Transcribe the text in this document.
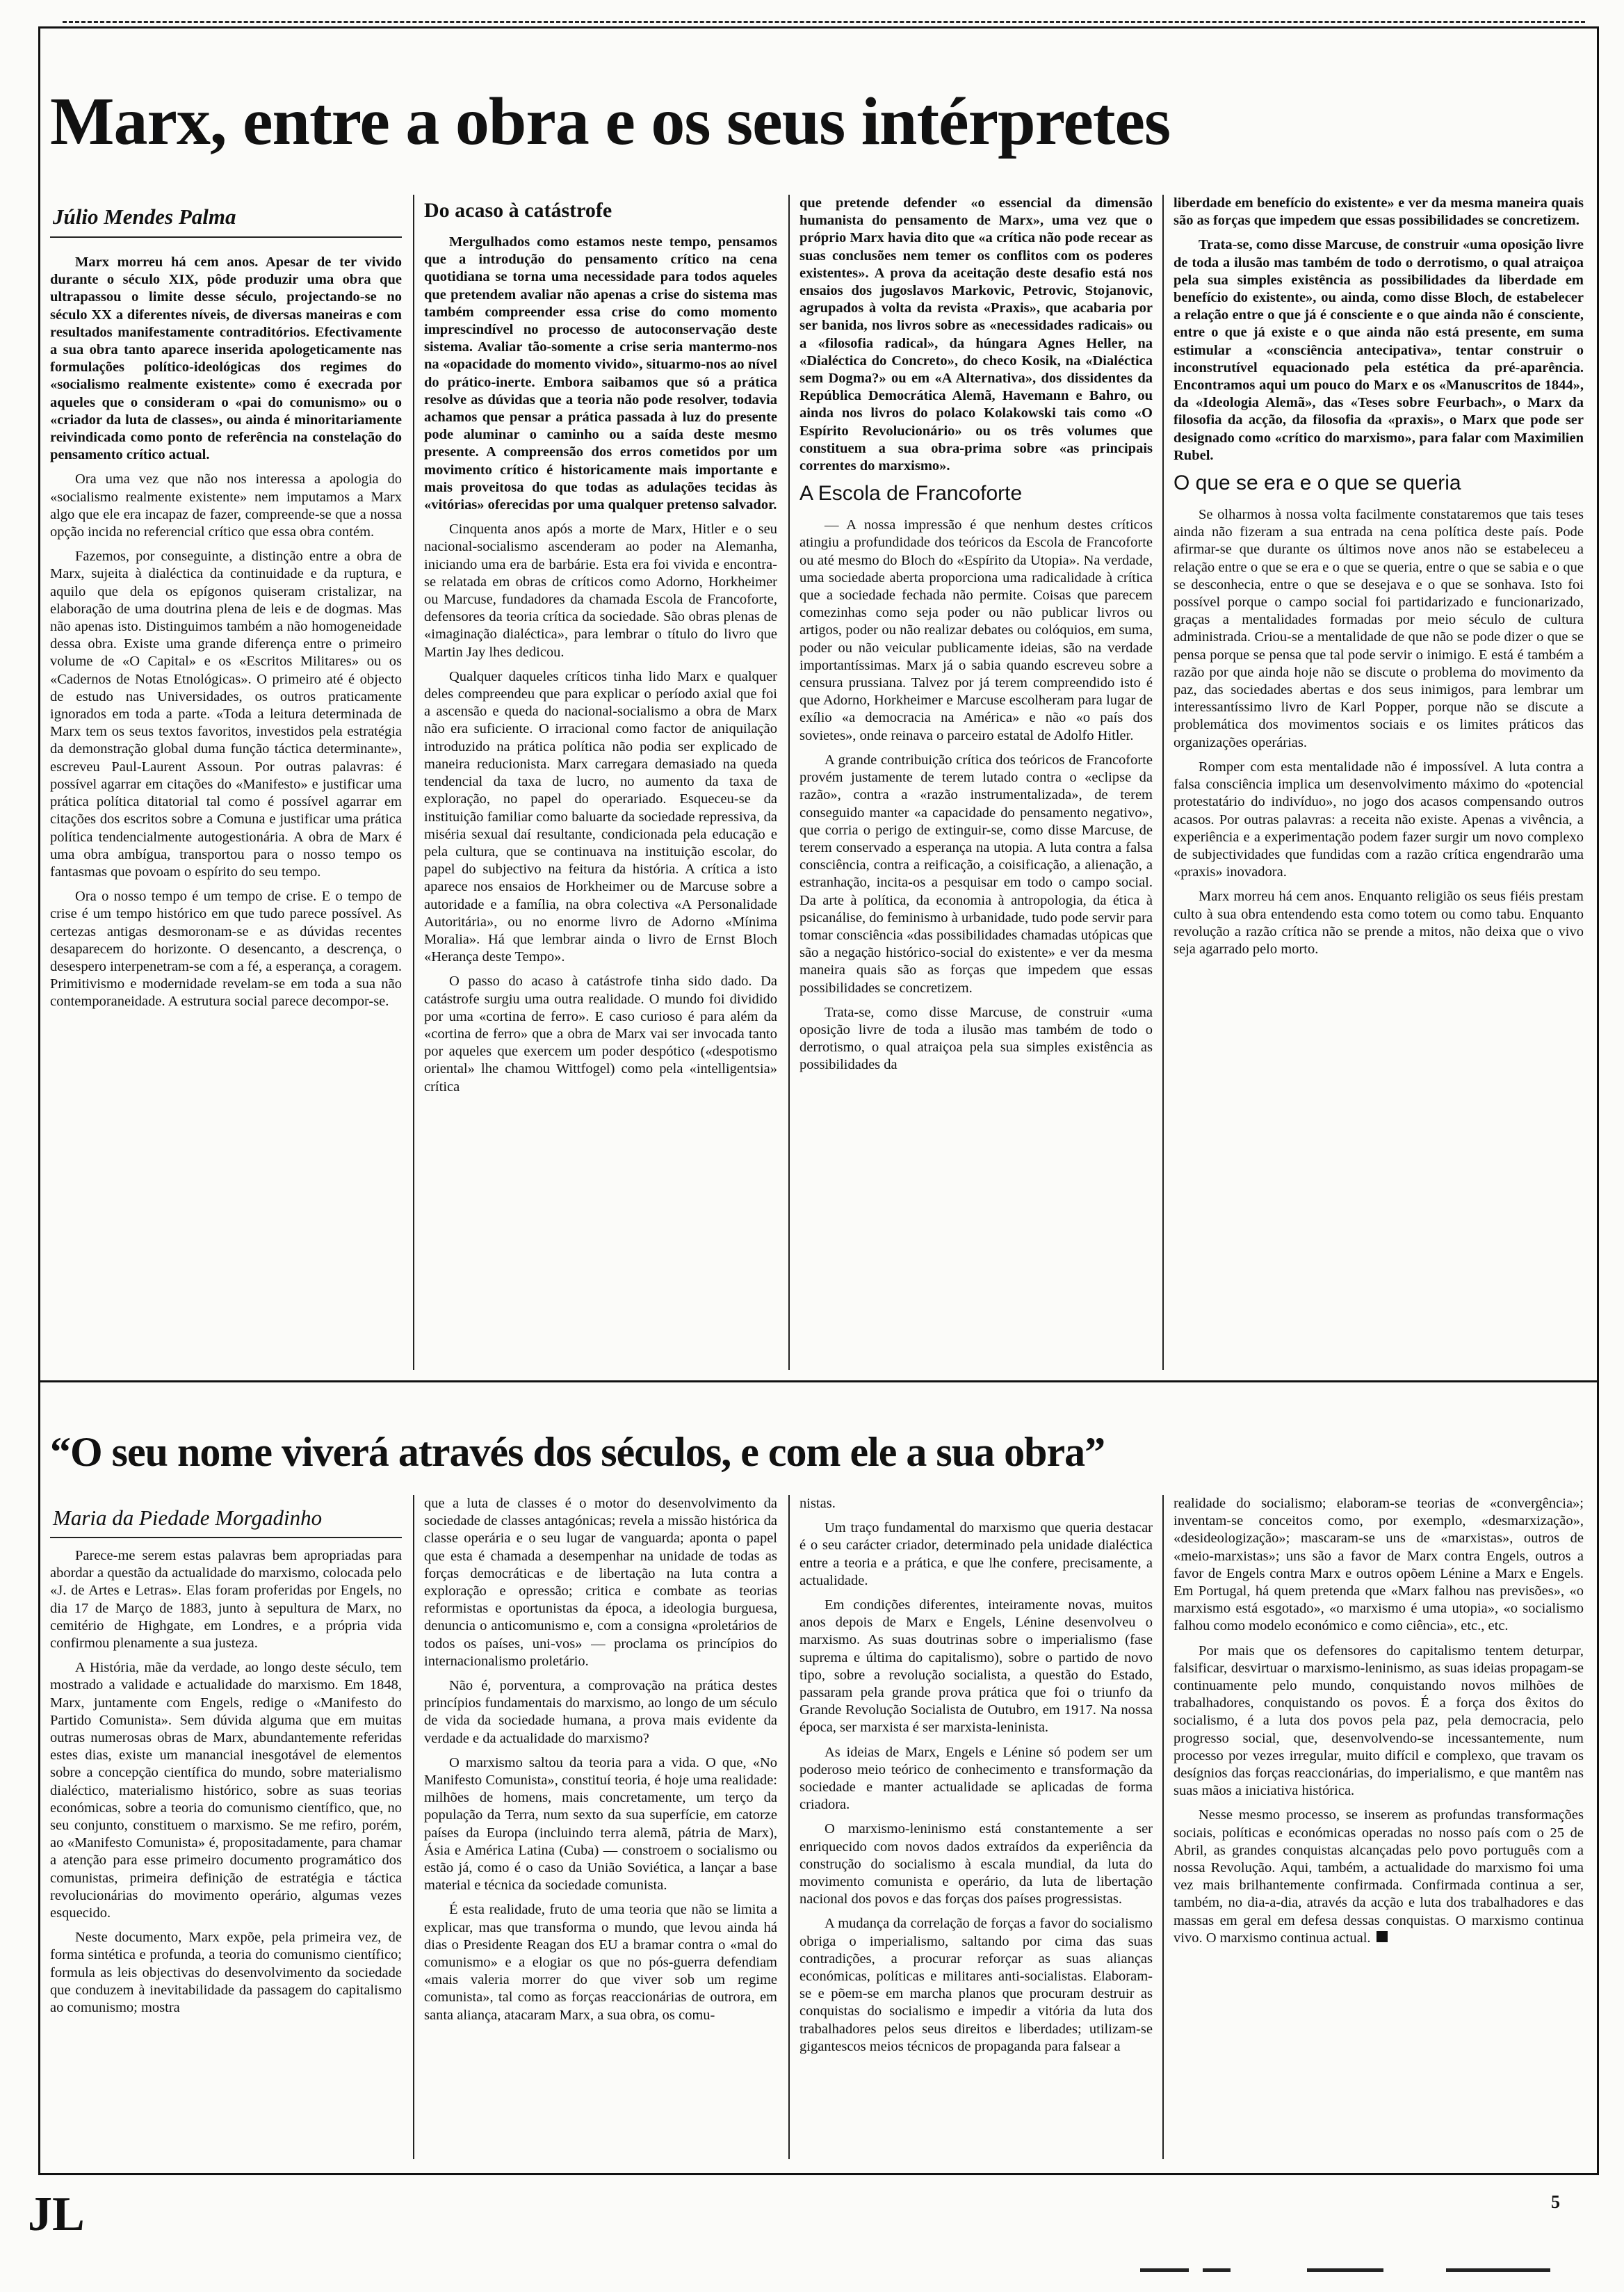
Marx, entre a obra e os seus intérpretes
Júlio Mendes Palma

Marx morreu há cem anos. Apesar de ter vivido durante o século XIX, pôde produzir uma obra que ultrapassou o limite desse século, projectando-se no século XX a diferentes níveis, de diversas maneiras e com resultados manifestamente contraditórios. Efectivamente a sua obra tanto aparece inserida apologeticamente nas formulações político-ideológicas dos regimes do «socialismo realmente existente» como é execrada por aqueles que o consideram o «pai do comunismo» ou o «criador da luta de classes», ou ainda é minoritariamente reivindicada como ponto de referência na constelação do pensamento crítico actual.

Ora uma vez que não nos interessa a apologia do «socialismo realmente existente» nem imputamos a Marx algo que ele era incapaz de fazer, compreende-se que a nossa opção incida no referencial crítico que essa obra contém.

Fazemos, por conseguinte, a distinção entre a obra de Marx, sujeita à dialéctica da continuidade e da ruptura, e aquilo que dela os epígonos quiseram cristalizar, na elaboração de uma doutrina plena de leis e de dogmas. Mas não apenas isto. Distinguimos também a não homogeneidade dessa obra. Existe uma grande diferença entre o primeiro volume de «O Capital» e os «Escritos Militares» ou os «Cadernos de Notas Etnológicas». O primeiro até é objecto de estudo nas Universidades, os outros praticamente ignorados em toda a parte. «Toda a leitura determinada de Marx tem os seus textos favoritos, investidos pela estratégia da demonstração global duma função táctica determinante», escreveu Paul-Laurent Assoun. Por outras palavras: é possível agarrar em citações do «Manifesto» e justificar uma prática política ditatorial tal como é possível agarrar em citações dos escritos sobre a Comuna e justificar uma prática política tendencialmente autogestionária. A obra de Marx é uma obra ambígua, transportou para o nosso tempo os fantasmas que povoam o espírito do seu tempo.

Ora o nosso tempo é um tempo de crise. E o tempo de crise é um tempo histórico em que tudo parece possível. As certezas antigas desmoronam-se e as dúvidas recentes desaparecem do horizonte. O desencanto, a descrença, o desespero interpenetram-se com a fé, a esperança, a coragem. Primitivismo e modernidade revelam-se em toda a sua não contemporaneidade. A estrutura social parece decompor-se.

Do acaso à catástrofe

Mergulhados como estamos neste tempo, pensamos que a introdução do pensamento crítico na cena quotidiana se torna uma necessidade para todos aqueles que pretendem avaliar não apenas a crise do sistema mas também compreender essa crise do como momento imprescindível no processo de autoconservação deste sistema. Avaliar tão-somente a crise seria mantermo-nos na «opacidade do momento vivido», situarmo-nos ao nível do prático-inerte. Embora saibamos que só a prática resolve as dúvidas que a teoria não pode resolver, todavia achamos que pensar a prática passada à luz do presente pode aluminar o caminho ou a saída deste mesmo presente. A compreensão dos erros cometidos por um movimento crítico é historicamente mais importante e mais proveitosa do que todas as adulações tecidas às «vitórias» oferecidas por uma qualquer pretenso salvador.

Cinquenta anos após a morte de Marx, Hitler e o seu nacional-socialismo ascenderam ao poder na Alemanha, iniciando uma era de barbárie. Esta era foi vivida e encontra-se relatada em obras de críticos como Adorno, Horkheimer ou Marcuse, fundadores da chamada Escola de Francoforte, defensores da teoria crítica da sociedade. São obras plenas de «imaginação dialéctica», para lembrar o título do livro que Martin Jay lhes dedicou.

Qualquer daqueles críticos tinha lido Marx e qualquer deles compreendeu que para explicar o período axial que foi a ascensão e queda do nacional-socialismo a obra de Marx não era suficiente. O irracional como factor de aniquilação introduzido na prática política não podia ser explicado de maneira reducionista. Marx carregara demasiado na queda tendencial da taxa de lucro, no aumento da taxa de exploração, no papel do operariado. Esqueceu-se da instituição familiar como baluarte da sociedade repressiva, da miséria sexual daí resultante, condicionada pela educação e pela cultura, que se continuava na instituição escolar, do papel do subjectivo na feitura da história. A crítica a isto aparece nos ensaios de Horkheimer ou de Marcuse sobre a autoridade e a família, na obra colectiva «A Personalidade Autoritária», ou no enorme livro de Adorno «Mínima Moralia». Há que lembrar ainda o livro de Ernst Bloch «Herança deste Tempo».

O passo do acaso à catástrofe tinha sido dado. Da catástrofe surgiu uma outra realidade. O mundo foi dividido por uma «cortina de ferro». E caso curioso é para além da «cortina de ferro» que a obra de Marx vai ser invocada tanto por aqueles que exercem um poder despótico («despotismo oriental» lhe chamou Wittfogel) como pela «intelligentsia» crítica

que pretende defender «o essencial da dimensão humanista do pensamento de Marx», uma vez que o próprio Marx havia dito que «a crítica não pode recear as suas conclusões nem temer os conflitos com os poderes existentes». A prova da aceitação deste desafio está nos ensaios dos jugoslavos Markovic, Petrovic, Stojanovic, agrupados à volta da revista «Praxis», que acabaria por ser banida, nos livros sobre as «necessidades radicais» ou a «filosofia radical», da húngara Agnes Heller, na «Dialéctica do Concreto», do checo Kosik, na «Dialéctica sem Dogma?» ou em «A Alternativa», dos dissidentes da República Democrática Alemã, Havemann e Bahro, ou ainda nos livros do polaco Kolakowski tais como «O Espírito Revolucionário» ou os três volumes que constituem a sua obra-prima sobre «as principais correntes do marxismo».

A Escola de Francoforte

— A nossa impressão é que nenhum destes críticos atingiu a profundidade dos teóricos da Escola de Francoforte ou até mesmo do Bloch do «Espírito da Utopia». Na verdade, uma sociedade aberta proporciona uma radicalidade à crítica que a sociedade fechada não permite. Coisas que parecem comezinhas como seja poder ou não publicar livros ou artigos, poder ou não realizar debates ou colóquios, em suma, poder ou não veicular publicamente ideias, são na verdade importantíssimas. Marx já o sabia quando escreveu sobre a censura prussiana. Talvez por já terem compreendido isto é que Adorno, Horkheimer e Marcuse escolheram para lugar de exílio «a democracia na América» e não «o país dos sovietes», onde reinava o parceiro estatal de Adolfo Hitler.

A grande contribuição crítica dos teóricos de Francoforte provém justamente de terem lutado contra o «eclipse da razão», contra a «razão instrumentalizada», de terem conseguido manter «a capacidade do pensamento negativo», que corria o perigo de extinguir-se, como disse Marcuse, de terem conservado a esperança na utopia. A luta contra a falsa consciência, contra a reificação, a coisificação, a alienação, a estranhação, incita-os a pesquisar em todo o campo social. Da arte à política, da economia à antropologia, da ética à psicanálise, do feminismo à urbanidade, tudo pode servir para tomar consciência «das possibilidades chamadas utópicas que são a negação histórico-social do existente» e ver da mesma maneira quais são as forças que impedem que essas possibilidades se concretizem.

Trata-se, como disse Marcuse, de construir «uma oposição livre de toda a ilusão mas também de todo o derrotismo, o qual atraiçoa pela sua simples existência as possibilidades da

liberdade em benefício do existente» e ver da mesma maneira quais são as forças que impedem que essas possibilidades se concretizem.

Trata-se, como disse Marcuse, de construir «uma oposição livre de toda a ilusão mas também de todo o derrotismo, o qual atraiçoa pela sua simples existência as possibilidades da liberdade em benefício do existente», ou ainda, como disse Bloch, de estabelecer a relação entre o que já é consciente e o que ainda não é consciente, entre o que já existe e o que ainda não está presente, em suma estimular a «consciência antecipativa», tentar construir o inconstrutível equacionado pela estética da pré-aparência. Encontramos aqui um pouco do Marx e os «Manuscritos de 1844», da «Ideologia Alemã», das «Teses sobre Feurbach», o Marx da filosofia da acção, da filosofia da «praxis», o Marx que pode ser designado como «crítico do marxismo», para falar com Maximilien Rubel.

O que se era e o que se queria

Se olharmos à nossa volta facilmente constataremos que tais teses ainda não fizeram a sua entrada na cena política deste país. Pode afirmar-se que durante os últimos nove anos não se estabeleceu a relação entre o que se era e o que se queria, entre o que se sabia e o que se desconhecia, entre o que se desejava e o que se sonhava. Isto foi possível porque o campo social foi partidarizado e funcionarizado, graças a mentalidades formadas por meio século de cultura administrada. Criou-se a mentalidade de que não se pode dizer o que se pensa porque se pensa que tal pode servir o inimigo. E está é também a razão por que ainda hoje não se discute o problema do movimento da paz, das sociedades abertas e dos seus inimigos, para lembrar um interessantíssimo livro de Karl Popper, porque não se discute a problemática dos movimentos sociais e os limites práticos das organizações operárias.

Romper com esta mentalidade não é impossível. A luta contra a falsa consciência implica um desenvolvimento máximo do «potencial protestatário do indivíduo», no jogo dos acasos compensando outros acasos. Por outras palavras: a receita não existe. Apenas a vivência, a experiência e a experimentação podem fazer surgir um novo complexo de subjectividades que fundidas com a razão crítica engendrarão uma «praxis» inovadora.

Marx morreu há cem anos. Enquanto religião os seus fiéis prestam culto à sua obra entendendo esta como totem ou como tabu. Enquanto revolução a razão crítica não se prende a mitos, não deixa que o vivo seja agarrado pelo morto.

“O seu nome viverá através dos séculos, e com ele a sua obra”
Maria da Piedade Morgadinho

Parece-me serem estas palavras bem apropriadas para abordar a questão da actualidade do marxismo, colocada pelo «J. de Artes e Letras». Elas foram proferidas por Engels, no dia 17 de Março de 1883, junto à sepultura de Marx, no cemitério de Highgate, em Londres, e a própria vida confirmou plenamente a sua justeza.

A História, mãe da verdade, ao longo deste século, tem mostrado a validade e actualidade do marxismo. Em 1848, Marx, juntamente com Engels, redige o «Manifesto do Partido Comunista». Sem dúvida alguma que em muitas outras numerosas obras de Marx, abundantemente referidas estes dias, existe um manancial inesgotável de elementos sobre a concepção científica do mundo, sobre materialismo dialéctico, materialismo histórico, sobre as suas teorias económicas, sobre a teoria do comunismo científico, que, no seu conjunto, constituem o marxismo. Se me refiro, porém, ao «Manifesto Comunista» é, propositadamente, para chamar a atenção para esse primeiro documento programático dos comunistas, primeira definição de estratégia e táctica revolucionárias do movimento operário, algumas vezes esquecido.

Neste documento, Marx expõe, pela primeira vez, de forma sintética e profunda, a teoria do comunismo científico; formula as leis objectivas do desenvolvimento da sociedade que conduzem à inevitabilidade da passagem do capitalismo ao comunismo; mostra

que a luta de classes é o motor do desenvolvimento da sociedade de classes antagónicas; revela a missão histórica da classe operária e o seu lugar de vanguarda; aponta o papel que esta é chamada a desempenhar na unidade de todas as forças democráticas e de libertação na luta contra a exploração e opressão; critica e combate as teorias reformistas e oportunistas da época, a ideologia burguesa, denuncia o anticomunismo e, com a consigna «proletários de todos os países, uni-vos» — proclama os princípios do internacionalismo proletário.

Não é, porventura, a comprovação na prática destes princípios fundamentais do marxismo, ao longo de um século de vida da sociedade humana, a prova mais evidente da verdade e da actualidade do marxismo?

O marxismo saltou da teoria para a vida. O que, «No Manifesto Comunista», constituí teoria, é hoje uma realidade: milhões de homens, mais concretamente, um terço da população da Terra, num sexto da sua superfície, em catorze países da Europa (incluindo terra alemã, pátria de Marx), Ásia e América Latina (Cuba) — constroem o socialismo ou estão já, como é o caso da União Soviética, a lançar a base material e técnica da sociedade comunista.

É esta realidade, fruto de uma teoria que não se limita a explicar, mas que transforma o mundo, que levou ainda há dias o Presidente Reagan dos EU a bramar contra o «mal do comunismo» e a elogiar os que no pós-guerra defendiam «mais valeria morrer do que viver sob um regime comunista», tal como as forças reaccionárias de outrora, em santa aliança, atacaram Marx, a sua obra, os comu-

nistas.

Um traço fundamental do marxismo que queria destacar é o seu carácter criador, determinado pela unidade dialéctica entre a teoria e a prática, e que lhe confere, precisamente, a actualidade.

Em condições diferentes, inteiramente novas, muitos anos depois de Marx e Engels, Lénine desenvolveu o marxismo. As suas doutrinas sobre o imperialismo (fase suprema e última do capitalismo), sobre o partido de novo tipo, sobre a revolução socialista, a questão do Estado, passaram pela grande prova prática que foi o triunfo da Grande Revolução Socialista de Outubro, em 1917. Na nossa época, ser marxista é ser marxista-leninista.

As ideias de Marx, Engels e Lénine só podem ser um poderoso meio teórico de conhecimento e transformação da sociedade e manter actualidade se aplicadas de forma criadora.

O marxismo-leninismo está constantemente a ser enriquecido com novos dados extraídos da experiência da construção do socialismo à escala mundial, da luta do movimento comunista e operário, da luta de libertação nacional dos povos e das forças dos países progressistas.

A mudança da correlação de forças a favor do socialismo obriga o imperialismo, saltando por cima das suas contradições, a procurar reforçar as suas alianças económicas, políticas e militares anti-socialistas. Elaboram-se e põem-se em marcha planos que procuram destruir as conquistas do socialismo e impedir a vitória da luta dos trabalhadores pelos seus direitos e liberdades; utilizam-se gigantescos meios técnicos de propaganda para falsear a

realidade do socialismo; elaboram-se teorias de «convergência»; inventam-se conceitos como, por exemplo, «desmarxização», «desideologização»; mascaram-se uns de «marxistas», outros de «meio-marxistas»; uns são a favor de Marx contra Engels, outros a favor de Engels contra Marx e outros opõem Lénine a Marx e Engels. Em Portugal, há quem pretenda que «Marx falhou nas previsões», «o marxismo está esgotado», «o marxismo é uma utopia», «o socialismo falhou como modelo económico e como ciência», etc., etc.

Por mais que os defensores do capitalismo tentem deturpar, falsificar, desvirtuar o marxismo-leninismo, as suas ideias propagam-se continuamente pelo mundo, conquistando novos milhões de trabalhadores, conquistando os povos. É a força dos êxitos do socialismo, é a luta dos povos pela paz, pela democracia, pelo progresso social, que, desenvolvendo-se incessantemente, num processo por vezes irregular, muito difícil e complexo, que travam os desígnios das forças reaccionárias, do imperialismo, e que mantêm nas suas mãos a iniciativa histórica.

Nesse mesmo processo, se inserem as profundas transformações sociais, políticas e económicas operadas no nosso país com o 25 de Abril, as grandes conquistas alcançadas pelo povo português com a nossa Revolução. Aqui, também, a actualidade do marxismo foi uma vez mais brilhantemente confirmada. Confirmada continua a ser, também, no dia-a-dia, através da acção e luta dos trabalhadores e das massas em geral em defesa dessas conquistas. O marxismo continua vivo. O marxismo continua actual.

JL	5
